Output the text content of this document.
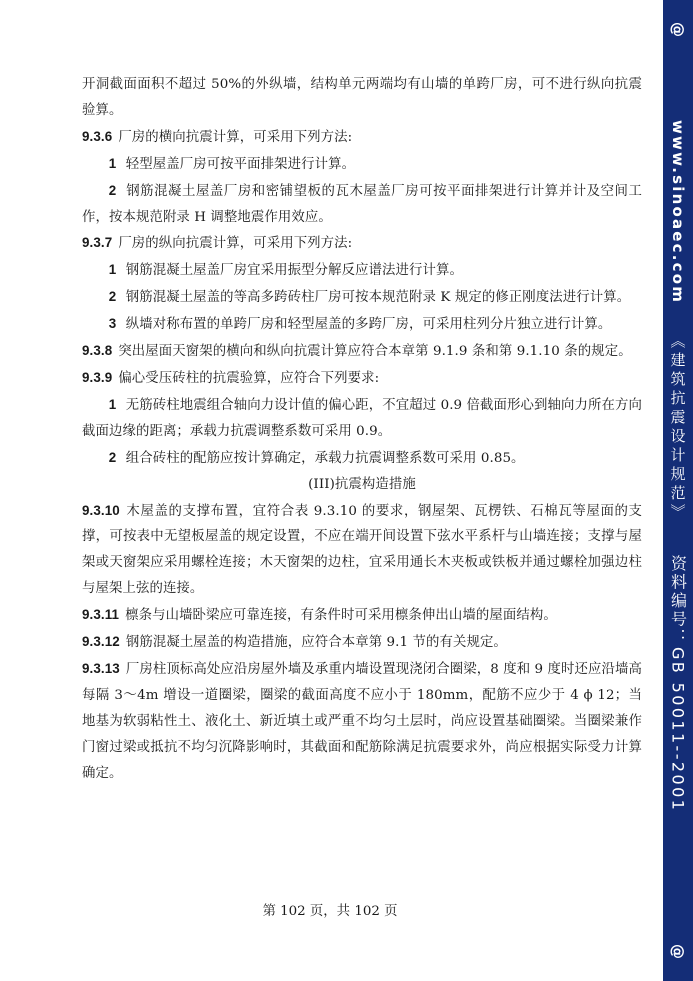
开洞截面面积不超过 50%的外纵墙，结构单元两端均有山墙的单跨厂房，可不进行纵向抗震验算。

9.3.6 厂房的横向抗震计算，可采用下列方法:

1 轻型屋盖厂房可按平面排架进行计算。

2 钢筋混凝土屋盖厂房和密铺望板的瓦木屋盖厂房可按平面排架进行计算并计及空间工作，按本规范附录 H 调整地震作用效应。

9.3.7 厂房的纵向抗震计算，可采用下列方法:

1 钢筋混凝土屋盖厂房宜采用振型分解反应谱法进行计算。

2 钢筋混凝土屋盖的等高多跨砖柱厂房可按本规范附录 K 规定的修正刚度法进行计算。

3 纵墙对称布置的单跨厂房和轻型屋盖的多跨厂房，可采用柱列分片独立进行计算。

9.3.8 突出屋面天窗架的横向和纵向抗震计算应符合本章第 9.1.9 条和第 9.1.10 条的规定。

9.3.9 偏心受压砖柱的抗震验算，应符合下列要求:

1 无筋砖柱地震组合轴向力设计值的偏心距，不宜超过 0.9 倍截面形心到轴向力所在方向截面边缘的距离；承载力抗震调整系数可采用 0.9。

2 组合砖柱的配筋应按计算确定，承载力抗震调整系数可采用 0.85。

(III)抗震构造措施

9.3.10 木屋盖的支撑布置，宜符合表 9.3.10 的要求，钢屋架、瓦楞铁、石棉瓦等屋面的支撑，可按表中无望板屋盖的规定设置，不应在端开间设置下弦水平系杆与山墙连接；支撑与屋架或天窗架应采用螺栓连接；木天窗架的边柱，宜采用通长木夹板或铁板并通过螺栓加强边柱与屋架上弦的连接。

9.3.11 檩条与山墙卧梁应可靠连接，有条件时可采用檩条伸出山墙的屋面结构。

9.3.12 钢筋混凝土屋盖的构造措施，应符合本章第 9.1 节的有关规定。

9.3.13 厂房柱顶标高处应沿房屋外墙及承重内墙设置现浇闭合圈梁，8 度和 9 度时还应沿墙高每隔 3～4m 增设一道圈梁，圈梁的截面高度不应小于 180mm，配筋不应少于 4 ϕ 12；当地基为软弱粘性土、液化土、新近填土或严重不均匀土层时，尚应设置基础圈梁。当圈梁兼作门窗过梁或抵抗不均匀沉降影响时，其截面和配筋除满足抗震要求外，尚应根据实际受力计算确定。

第 102 页，共 102 页
@
www.sinoaec.com
《建筑抗震设计规范》
资料编号：GB 50011--2001
@
